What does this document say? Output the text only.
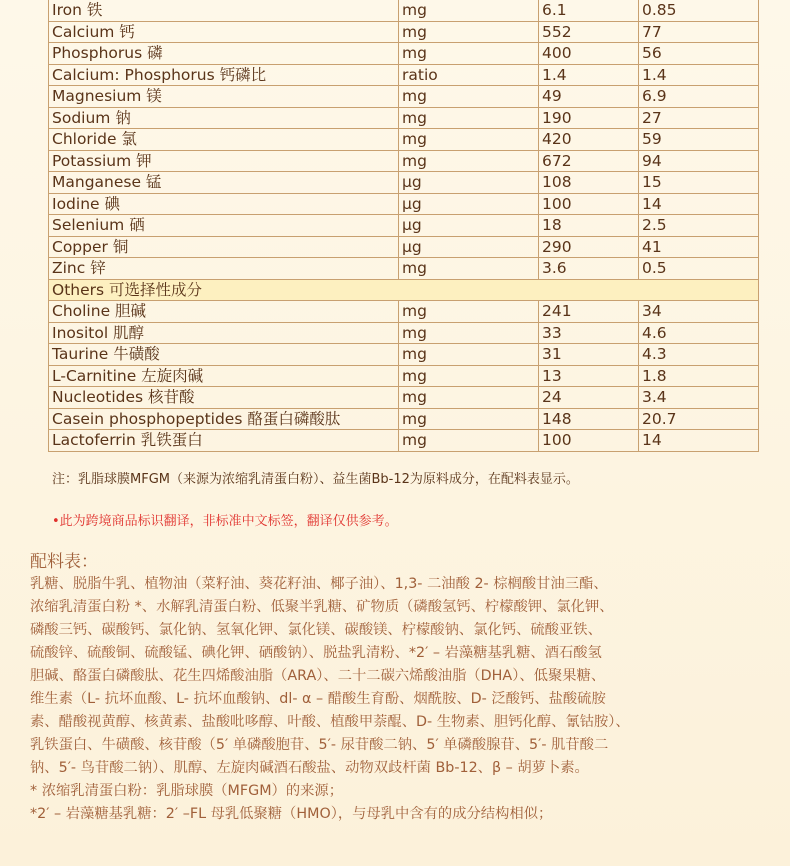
Iron 铁	mg	6.1	0.85
Calcium 钙	mg	552	77
Phosphorus 磷	mg	400	56
Calcium: Phosphorus 钙磷比	ratio	1.4	1.4
Magnesium 镁	mg	49	6.9
Sodium 钠	mg	190	27
Chloride 氯	mg	420	59
Potassium 钾	mg	672	94
Manganese 锰	μg	108	15
Iodine 碘	μg	100	14
Selenium 硒	μg	18	2.5
Copper 铜	μg	290	41
Zinc 锌	mg	3.6	0.5
Others 可选择性成分			
Choline 胆碱	mg	241	34
Inositol 肌醇	mg	33	4.6
Taurine 牛磺酸	mg	31	4.3
L-Carnitine 左旋肉碱	mg	13	1.8
Nucleotides 核苷酸	mg	24	3.4
Casein phosphopeptides 酪蛋白磷酸肽	mg	148	20.7
Lactoferrin 乳铁蛋白	mg	100	14
注：乳脂球膜MFGM（来源为浓缩乳清蛋白粉）、益生菌Bb-12为原料成分，在配料表显示。
•此为跨境商品标识翻译，非标准中文标签，翻译仅供参考。
配料表：
乳糖、脱脂牛乳、植物油（菜籽油、葵花籽油、椰子油）、1,3- 二油酸 2- 棕榈酸甘油三酯、
浓缩乳清蛋白粉 *、水解乳清蛋白粉、低聚半乳糖、矿物质（磷酸氢钙、柠檬酸钾、氯化钾、
磷酸三钙、碳酸钙、氯化钠、氢氧化钾、氯化镁、碳酸镁、柠檬酸钠、氯化钙、硫酸亚铁、
硫酸锌、硫酸铜、硫酸锰、碘化钾、硒酸钠）、脱盐乳清粉、*2′ – 岩藻糖基乳糖、酒石酸氢
胆碱、酪蛋白磷酸肽、花生四烯酸油脂（ARA）、二十二碳六烯酸油脂（DHA）、低聚果糖、
维生素（L- 抗坏血酸、L- 抗坏血酸钠、dl- α – 醋酸生育酚、烟酰胺、D- 泛酸钙、盐酸硫胺
素、醋酸视黄醇、核黄素、盐酸吡哆醇、叶酸、植酸甲萘醌、D- 生物素、胆钙化醇、氰钴胺）、
乳铁蛋白、牛磺酸、核苷酸（5′ 单磷酸胞苷、5′- 尿苷酸二钠、5′ 单磷酸腺苷、5′- 肌苷酸二
钠、5′- 鸟苷酸二钠）、肌醇、左旋肉碱酒石酸盐、动物双歧杆菌 Bb-12、β – 胡萝卜素。
* 浓缩乳清蛋白粉：乳脂球膜（MFGM）的来源；
*2′ – 岩藻糖基乳糖：2′ –FL 母乳低聚糖（HMO），与母乳中含有的成分结构相似；
